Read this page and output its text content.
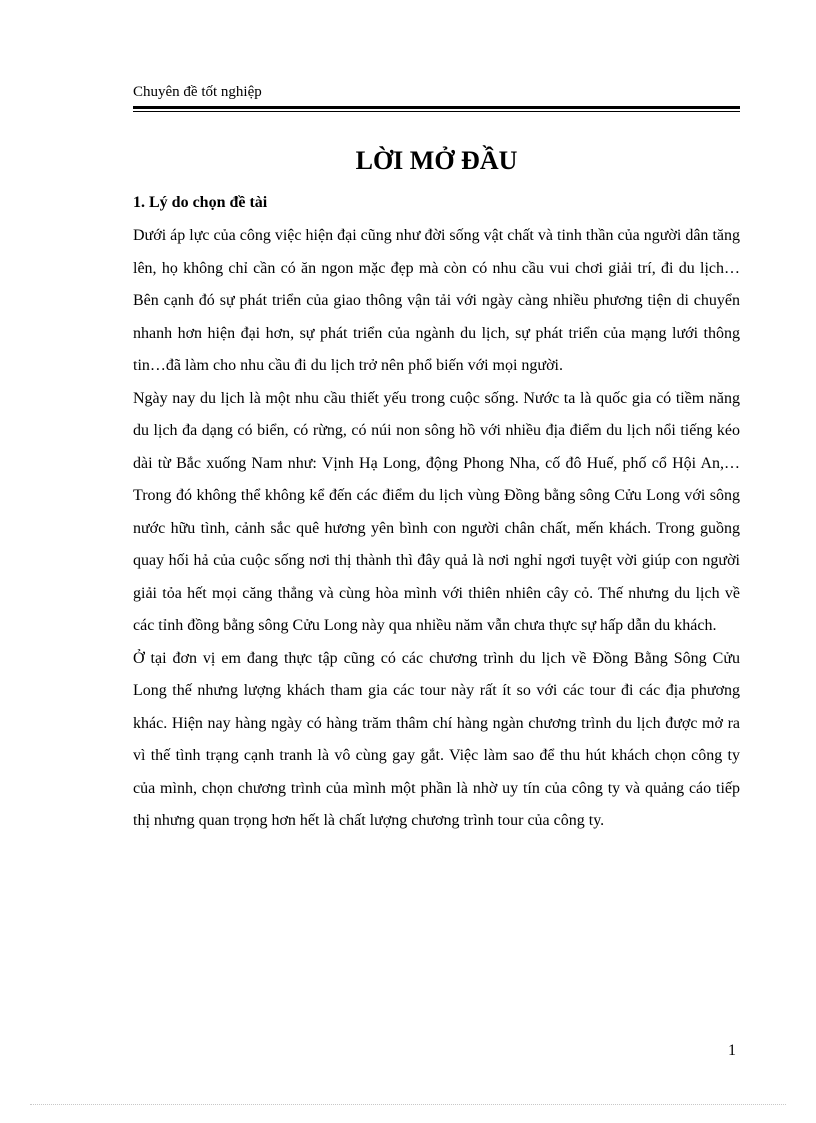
Chuyên đề tốt nghiệp
LỜI MỞ ĐẦU
1. Lý do chọn đề tài

Dưới áp lực của công việc hiện đại cũng như đời sống vật chất và tinh thần của người dân tăng lên, họ không chỉ cần có ăn ngon mặc đẹp mà còn có nhu cầu vui chơi giải trí, đi du lịch… Bên cạnh đó sự phát triển của giao thông vận tải với ngày càng nhiều phương tiện di chuyển nhanh hơn hiện đại hơn, sự phát triển của ngành du lịch, sự phát triển của mạng lưới thông tin…đã làm cho nhu cầu đi du lịch trở nên phổ biến với mọi người.

Ngày nay du lịch là một nhu cầu thiết yếu trong cuộc sống. Nước ta là quốc gia có tiềm năng du lịch đa dạng có biển, có rừng, có núi non sông hồ với nhiều địa điểm du lịch nổi tiếng kéo dài từ Bắc xuống Nam như: Vịnh Hạ Long, động Phong Nha, cố đô Huế, phố cổ Hội An,…Trong đó không thể không kể đến các điểm du lịch vùng Đồng bằng sông Cửu Long với sông nước hữu tình, cảnh sắc quê hương yên bình con người chân chất, mến khách. Trong guồng quay hối hả của cuộc sống nơi thị thành thì đây quả là nơi nghỉ ngơi tuyệt vời giúp con người giải tỏa hết mọi căng thẳng và cùng hòa mình với thiên nhiên cây cỏ. Thế nhưng du lịch về các tỉnh đồng bằng sông Cửu Long này qua nhiều năm vẫn chưa thực sự hấp dẫn du khách.

Ở tại đơn vị em đang thực tập cũng có các chương trình du lịch về Đồng Bằng Sông Cửu Long thế nhưng lượng khách tham gia các tour này rất ít so với các tour đi các địa phương khác. Hiện nay hàng ngày có hàng trăm thâm chí hàng ngàn chương trình du lịch được mở ra vì thế tình trạng cạnh tranh là vô cùng gay gắt. Việc làm sao để thu hút khách chọn công ty của mình, chọn chương trình của mình một phần là nhờ uy tín của công ty và quảng cáo tiếp thị nhưng quan trọng hơn hết là chất lượng chương trình tour của công ty.

1
